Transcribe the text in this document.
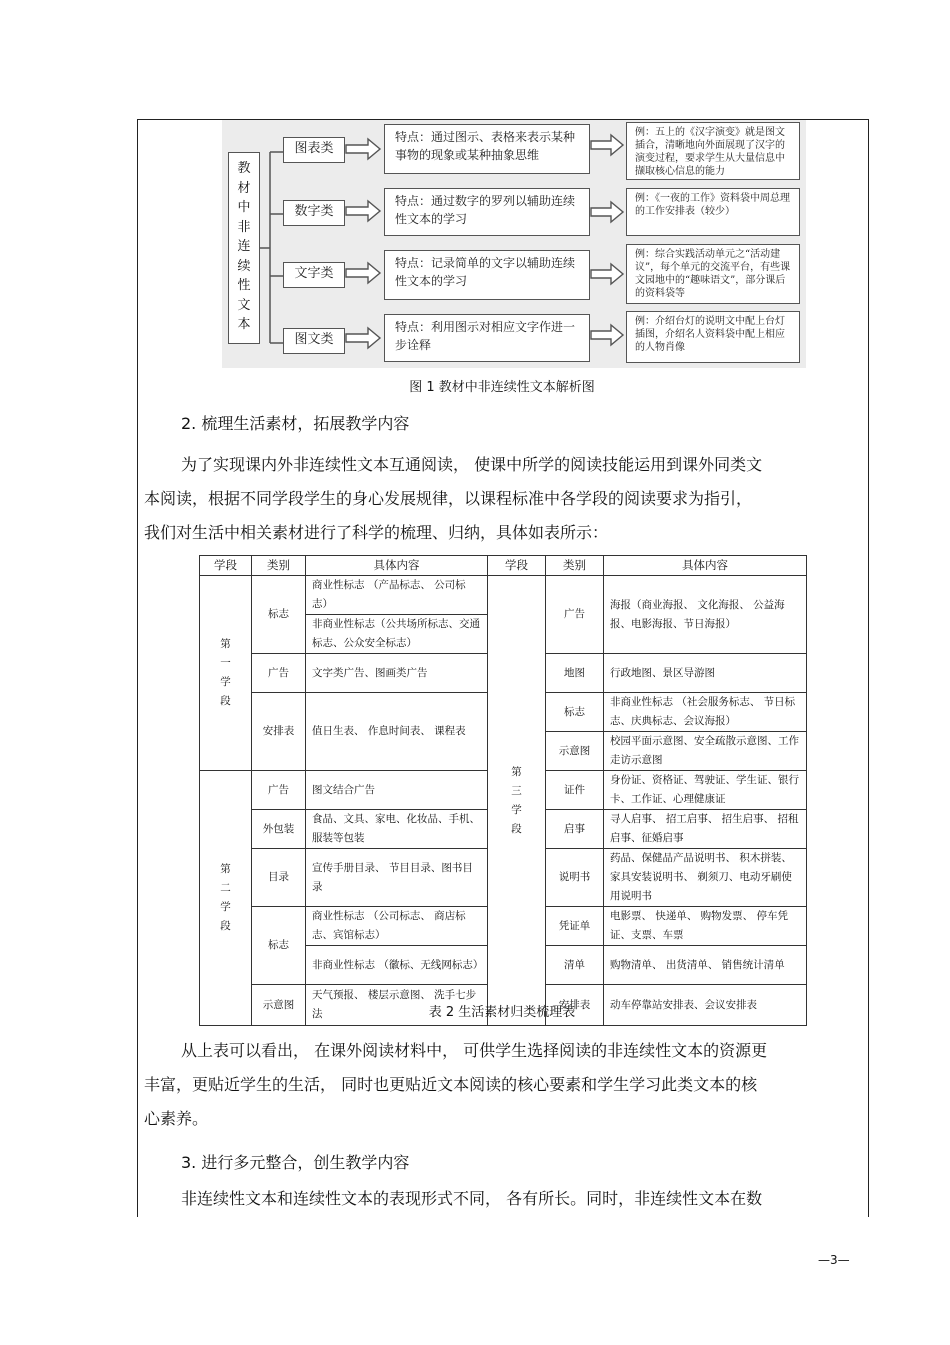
教材中非连续性文本
图表类
数字类
文字类
图文类
特点：通过图示、表格来表示某种事物的现象或某种抽象思维
特点：通过数字的罗列以辅助连续性文本的学习
特点：记录简单的文字以辅助连续性文本的学习
特点：利用图示对相应文字作进一步诠释
例：五上的《汉字演变》就是图文插合，清晰地向外面展现了汉字的演变过程，要求学生从大量信息中撷取核心信息的能力
例：《一夜的工作》资料袋中周总理的工作安排表（较少）
例：综合实践活动单元之“活动建议”，每个单元的交流平台，有些课文园地中的“趣味语文”，部分课后的资料袋等
例：介绍台灯的说明文中配上台灯插图，介绍名人资料袋中配上相应的人物肖像
图 1 教材中非连续性文本解析图
2. 梳理生活素材，拓展教学内容
为了实现课内外非连续性文本互通阅读， 使课中所学的阅读技能运用到课外同类文
本阅读，根据不同学段学生的身心发展规律，以课程标准中各学段的阅读要求为指引，
我们对生活中相关素材进行了科学的梳理、归纳，具体如表所示：
学段	类别	具体内容	学段	类别	具体内容

第一学段	标志	商业性标志 （产品标志、 公司标志）	第三学段	广告	海报（商业海报、 文化海报、 公益海报、电影海报、节日海报）
		非商业性标志（公共场所标志、交通标志、公众安全标志）			
	广告	文字类广告、图画类广告		地图	行政地图、景区导游图
	安排表	值日生表、 作息时间表、 课程表		标志	非商业性标志 （社会服务标志、 节日标志、庆典标志、会议海报）
				示意图	校园平面示意图、安全疏散示意图、工作走访示意图

第二学段	广告	图文结合广告		证件	身份证、资格证、驾驶证、学生证、银行卡、工作证、心理健康证
	外包装	食品、文具、家电、化妆品、手机、服装等包装		启事	寻人启事、 招工启事、 招生启事、 招租启事、征婚启事
	目录	宣传手册目录、 节目目录、图书目录		说明书	药品、保健品产品说明书、 积木拼装、家具安装说明书、 剃须刀、电动牙刷使用说明书
	标志	商业性标志 （公司标志、 商店标志、宾馆标志）		凭证单	电影票、 快递单、 购物发票、 停车凭证、支票、车票
		非商业性标志 （徽标、无线网标志）		清单	购物清单、 出货清单、 销售统计清单
	示意图	天气预报、 楼层示意图、 洗手七步法		安排表	动车停靠站安排表、会议安排表
表 2 生活素材归类梳理表
从上表可以看出， 在课外阅读材料中， 可供学生选择阅读的非连续性文本的资源更
丰富，更贴近学生的生活， 同时也更贴近文本阅读的核心要素和学生学习此类文本的核
心素养。
3. 进行多元整合，创生教学内容
非连续性文本和连续性文本的表现形式不同， 各有所长。同时，非连续性文本在数
—3—
